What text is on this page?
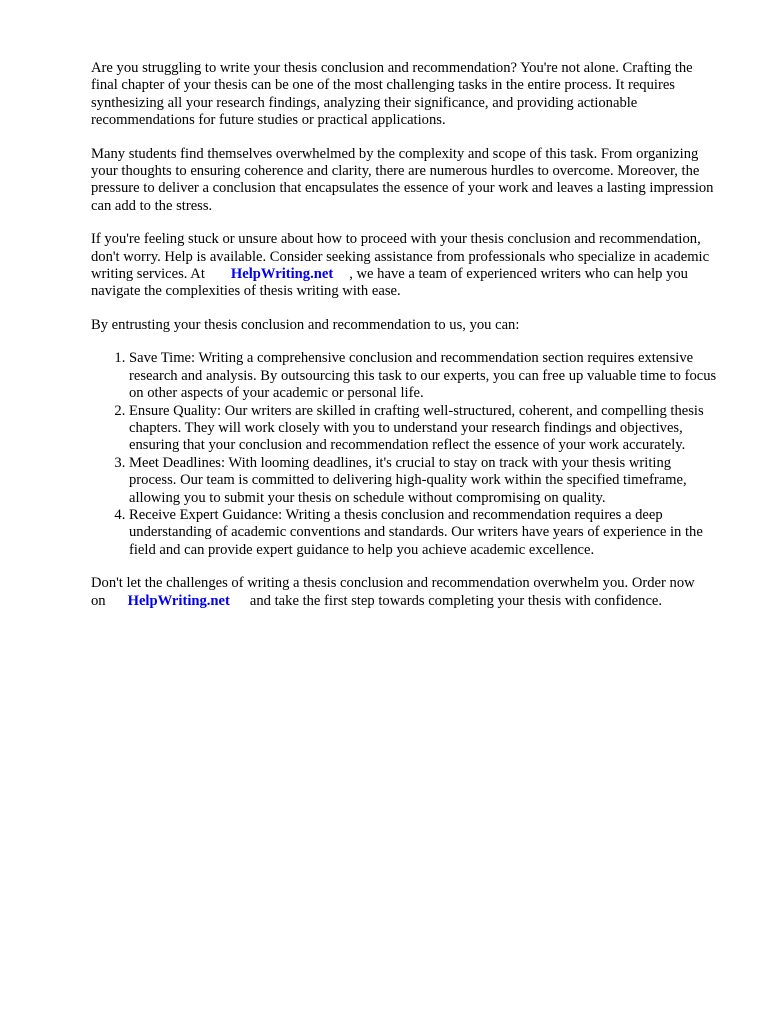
Are you struggling to write your thesis conclusion and recommendation? You're not alone. Crafting the final chapter of your thesis can be one of the most challenging tasks in the entire process. It requires synthesizing all your research findings, analyzing their significance, and providing actionable recommendations for future studies or practical applications.

Many students find themselves overwhelmed by the complexity and scope of this task. From organizing your thoughts to ensuring coherence and clarity, there are numerous hurdles to overcome. Moreover, the pressure to deliver a conclusion that encapsulates the essence of your work and leaves a lasting impression can add to the stress.

If you're feeling stuck or unsure about how to proceed with your thesis conclusion and recommendation, don't worry. Help is available. Consider seeking assistance from professionals who specialize in academic writing services. At HelpWriting.net , we have a team of experienced writers who can help you navigate the complexities of thesis writing with ease.

By entrusting your thesis conclusion and recommendation to us, you can:

1. Save Time: Writing a comprehensive conclusion and recommendation section requires extensive research and analysis. By outsourcing this task to our experts, you can free up valuable time to focus on other aspects of your academic or personal life.
2. Ensure Quality: Our writers are skilled in crafting well-structured, coherent, and compelling thesis chapters. They will work closely with you to understand your research findings and objectives, ensuring that your conclusion and recommendation reflect the essence of your work accurately.
3. Meet Deadlines: With looming deadlines, it's crucial to stay on track with your thesis writing process. Our team is committed to delivering high-quality work within the specified timeframe, allowing you to submit your thesis on schedule without compromising on quality.
4. Receive Expert Guidance: Writing a thesis conclusion and recommendation requires a deep understanding of academic conventions and standards. Our writers have years of experience in the field and can provide expert guidance to help you achieve academic excellence.

Don't let the challenges of writing a thesis conclusion and recommendation overwhelm you. Order now on HelpWriting.net and take the first step towards completing your thesis with confidence.
